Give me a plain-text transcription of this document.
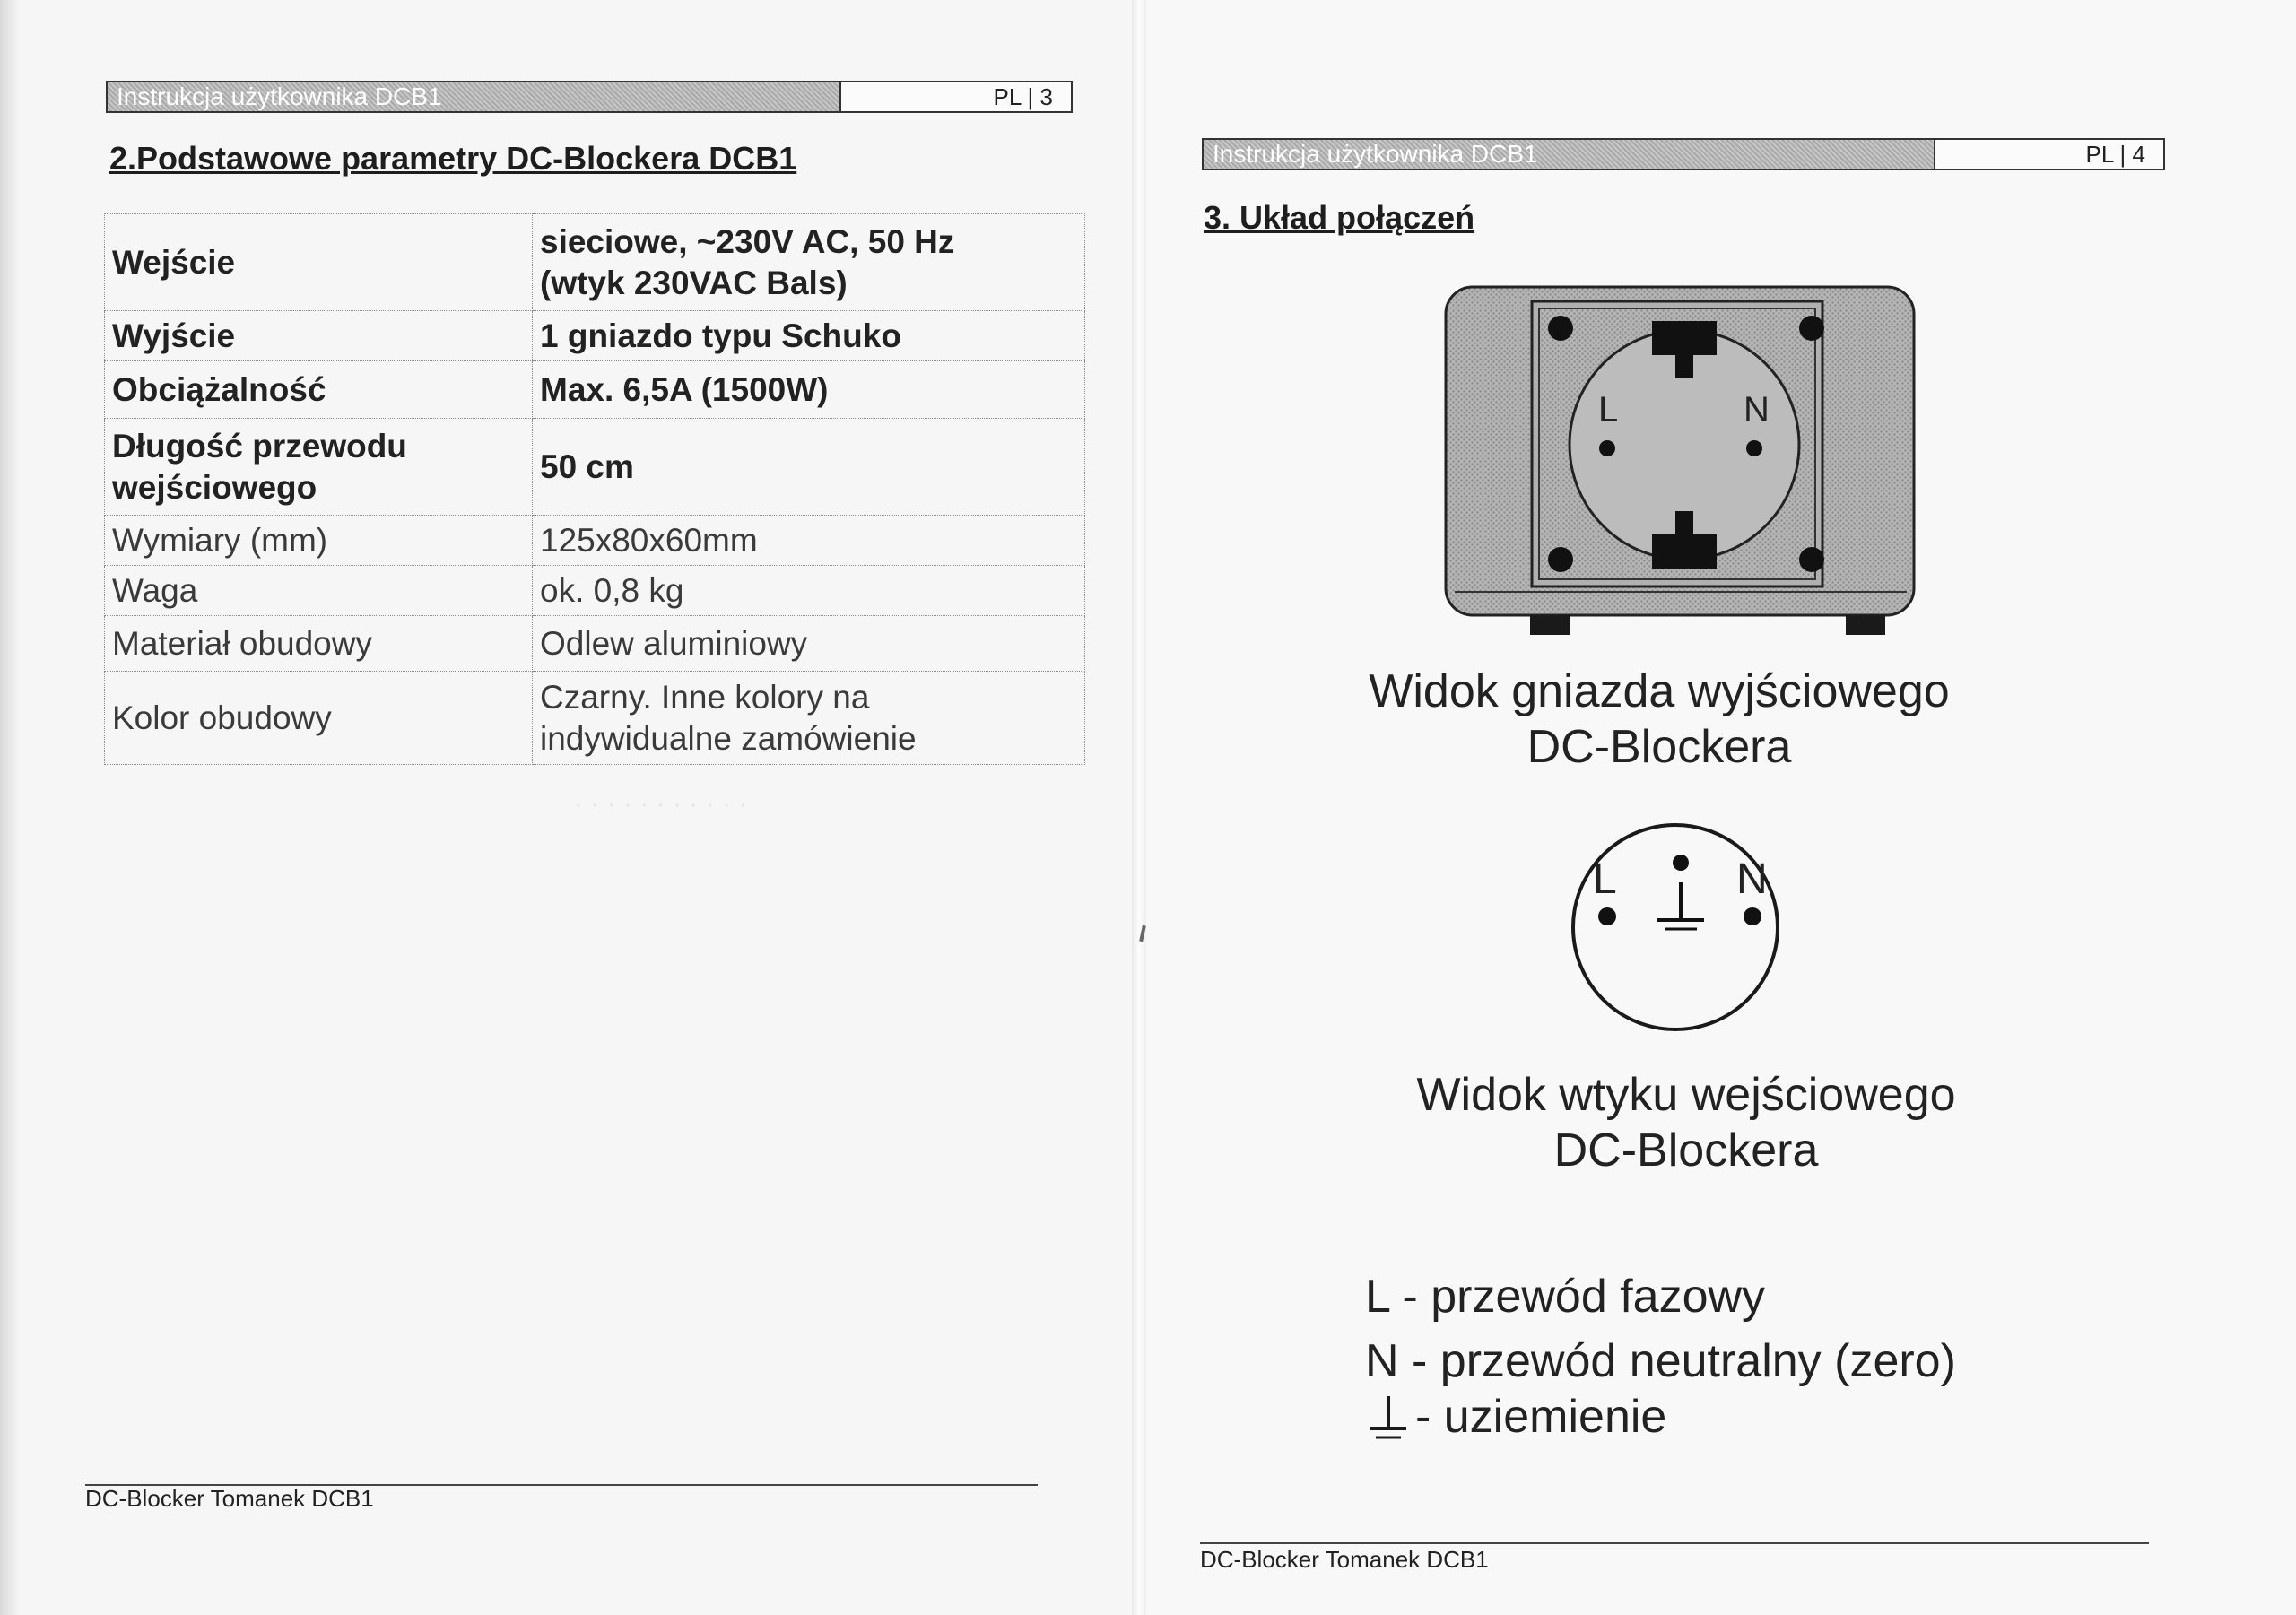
· · · · · · · · · · ·
Instrukcja użytkownika DCB1	PL | 3
2.Podstawowe parametry DC-Blockera DCB1
Wejście	sieciowe, ~230V AC, 50 Hz
(wtyk 230VAC Bals)

Wyjście	1 gniazdo typu Schuko
Obciążalność	Max. 6,5A (1500W)

Długość przewodu
wejściowego	50 cm
Wymiary (mm)	125x80x60mm
Waga	ok. 0,8 kg
Materiał obudowy	Odlew aluminiowy
Kolor obudowy	Czarny. Inne kolory na
indywidualne zamówienie
DC-Blocker Tomanek DCB1
Instrukcja użytkownika DCB1	PL | 4
3. Układ połączeń
L	N
Widok gniazda wyjściowego
DC-Blockera
L	N
Widok wtyku wejściowego
DC-Blockera
L - przewód fazowy
N - przewód neutralny (zero)
- uziemienie
DC-Blocker Tomanek DCB1
